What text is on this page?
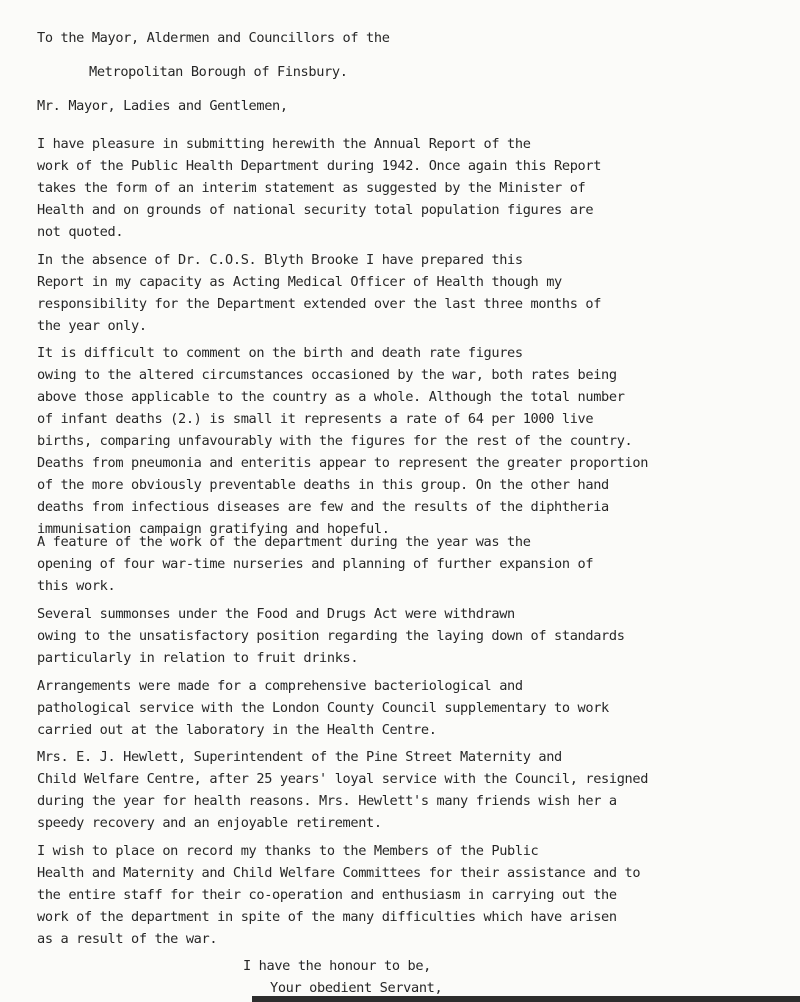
To the Mayor, Aldermen and Councillors of the
Metropolitan Borough of Finsbury.
Mr. Mayor, Ladies and Gentlemen,
I have pleasure in submitting herewith the Annual Report of the
work of the Public Health Department during 1942. Once again this Report
takes the form of an interim statement as suggested by the Minister of
Health and on grounds of national security total population figures are
not quoted.
In the absence of Dr. C.O.S. Blyth Brooke I have prepared this
Report in my capacity as Acting Medical Officer of Health though my
responsibility for the Department extended over the last three months of
the year only.
It is difficult to comment on the birth and death rate figures
owing to the altered circumstances occasioned by the war, both rates being
above those applicable to the country as a whole. Although the total number
of infant deaths (2.) is small it represents a rate of 64 per 1000 live
births, comparing unfavourably with the figures for the rest of the country.
Deaths from pneumonia and enteritis appear to represent the greater proportion
of the more obviously preventable deaths in this group. On the other hand
deaths from infectious diseases are few and the results of the diphtheria
immunisation campaign gratifying and hopeful.
A feature of the work of the department during the year was the
opening of four war-time nurseries and planning of further expansion of
this work.
Several summonses under the Food and Drugs Act were withdrawn
owing to the unsatisfactory position regarding the laying down of standards
particularly in relation to fruit drinks.
Arrangements were made for a comprehensive bacteriological and
pathological service with the London County Council supplementary to work
carried out at the laboratory in the Health Centre.
Mrs. E. J. Hewlett, Superintendent of the Pine Street Maternity and
Child Welfare Centre, after 25 years' loyal service with the Council, resigned
during the year for health reasons. Mrs. Hewlett's many friends wish her a
speedy recovery and an enjoyable retirement.
I wish to place on record my thanks to the Members of the Public
Health and Maternity and Child Welfare Committees for their assistance and to
the entire staff for their co-operation and enthusiasm in carrying out the
work of the department in spite of the many difficulties which have arisen
as a result of the war.
I have the honour to be,
Your obedient Servant,
